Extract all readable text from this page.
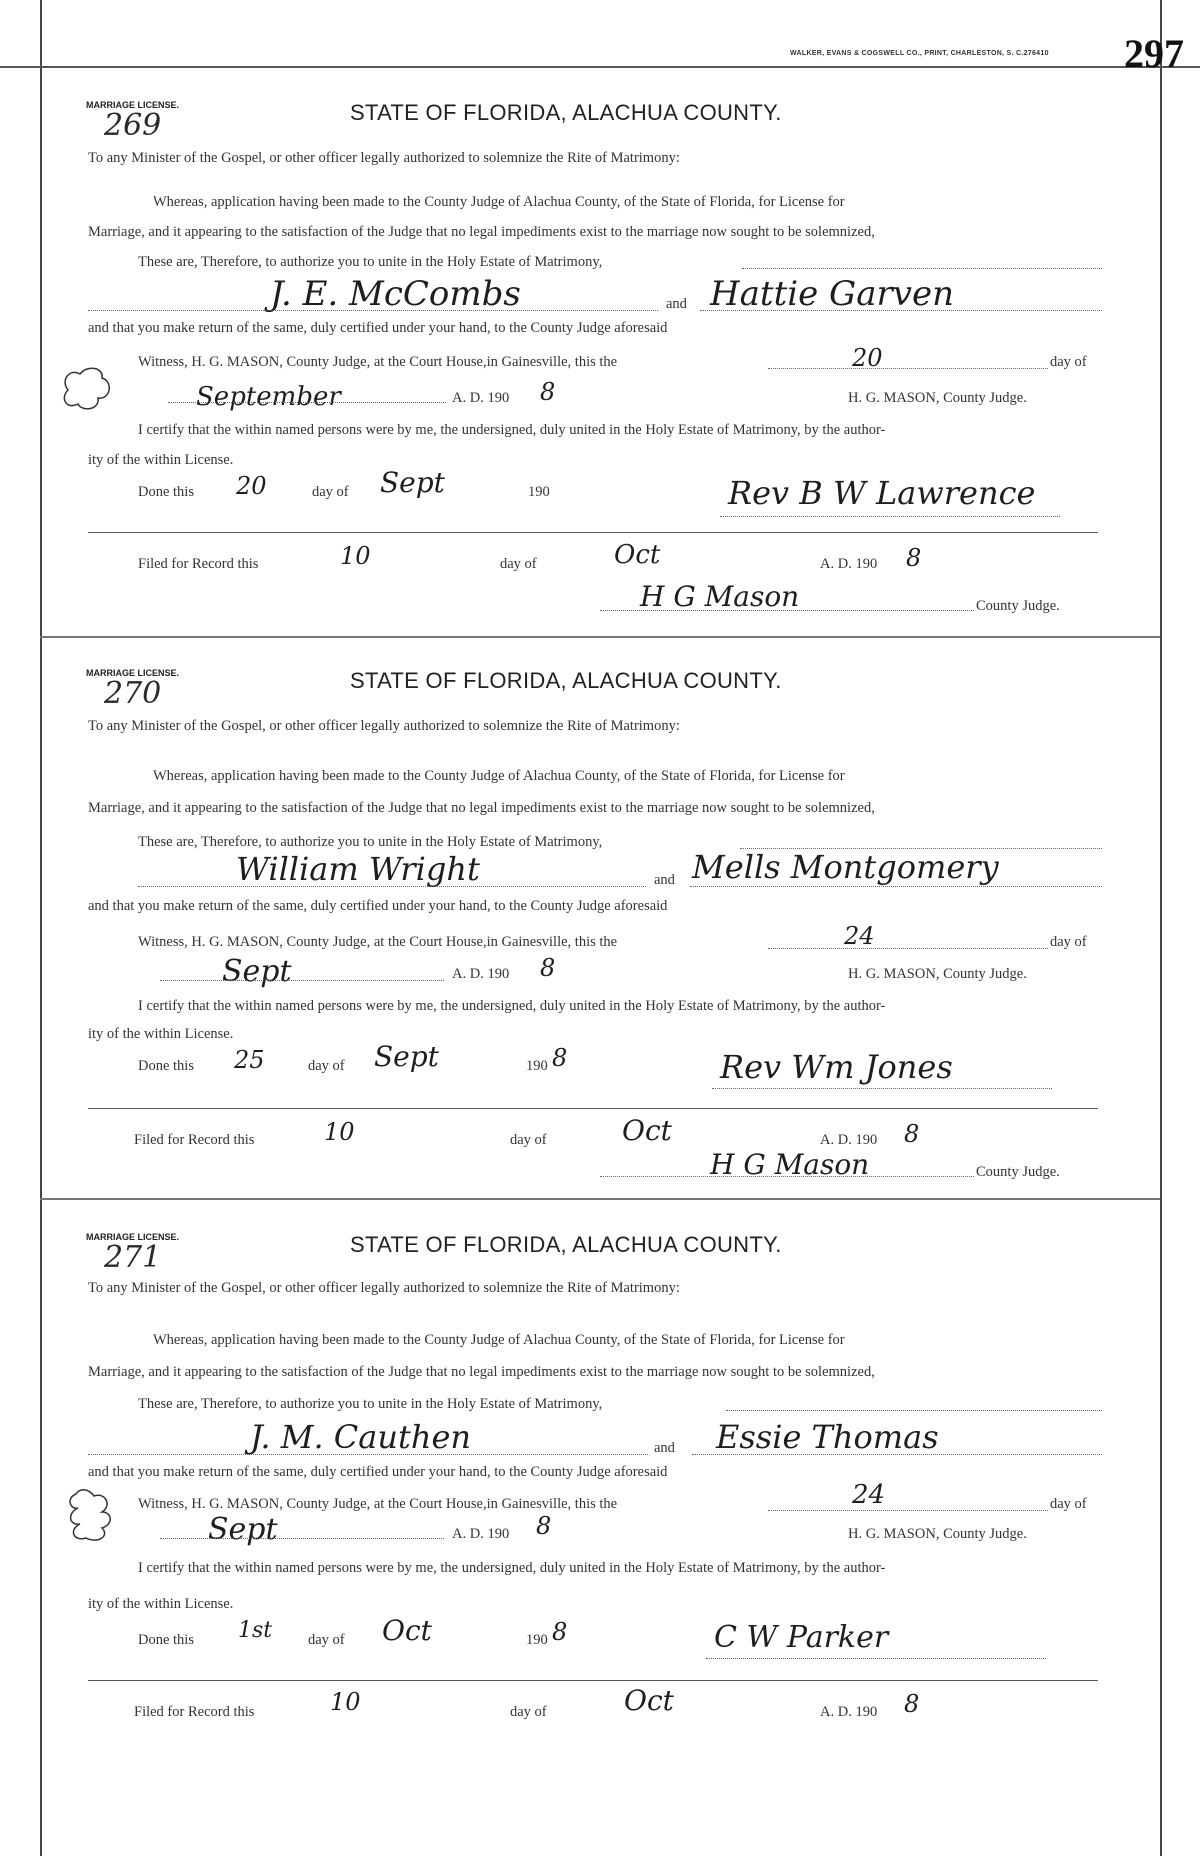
WALKER, EVANS & COGSWELL CO., PRINT, CHARLESTON, S. C.276410 297
MARRIAGE LICENSE.
269	STATE OF FLORIDA, ALACHUA COUNTY.
To any Minister of the Gospel, or other officer legally authorized to solemnize the Rite of Matrimony:
Whereas, application having been made to the County Judge of Alachua County, of the State of Florida, for License for
Marriage, and it appearing to the satisfaction of the Judge that no legal impediments exist to the marriage now sought to be solemnized,
These are, Therefore, to authorize you to unite in the Holy Estate of Matrimony,
J. E. McCombs	and Hattie Garven
and that you make return of the same, duly certified under your hand, to the County Judge aforesaid
Witness, H. G. MASON, County Judge, at the Court House,in Gainesville, this the	20	day of
September	A. D. 190 8	H. G. MASON, County Judge.
I certify that the within named persons were by me, the undersigned, duly united in the Holy Estate of Matrimony, by the author-
ity of the within License.
Done this 20	day of Sept	190	Rev B W Lawrence
Filed for Record this	10	day of	Oct	A. D. 190 8
H G Mason	County Judge.
MARRIAGE LICENSE.
270	STATE OF FLORIDA, ALACHUA COUNTY.
To any Minister of the Gospel, or other officer legally authorized to solemnize the Rite of Matrimony:
Whereas, application having been made to the County Judge of Alachua County, of the State of Florida, for License for
Marriage, and it appearing to the satisfaction of the Judge that no legal impediments exist to the marriage now sought to be solemnized,
These are, Therefore, to authorize you to unite in the Holy Estate of Matrimony,
William Wright	and Mells Montgomery
and that you make return of the same, duly certified under your hand, to the County Judge aforesaid
Witness, H. G. MASON, County Judge, at the Court House,in Gainesville, this the	24	day of
Sept	A. D. 190 8	H. G. MASON, County Judge.
I certify that the within named persons were by me, the undersigned, duly united in the Holy Estate of Matrimony, by the author-
ity of the within License.
Done this 25	day of Sept	190 8	Rev Wm Jones
Filed for Record this	10	day of	Oct	A. D. 190 8
H G Mason	County Judge.
MARRIAGE LICENSE.
271	STATE OF FLORIDA, ALACHUA COUNTY.
To any Minister of the Gospel, or other officer legally authorized to solemnize the Rite of Matrimony:
Whereas, application having been made to the County Judge of Alachua County, of the State of Florida, for License for
Marriage, and it appearing to the satisfaction of the Judge that no legal impediments exist to the marriage now sought to be solemnized,
These are, Therefore, to authorize you to unite in the Holy Estate of Matrimony,
J. M. Cauthen	and Essie Thomas
and that you make return of the same, duly certified under your hand, to the County Judge aforesaid
Witness, H. G. MASON, County Judge, at the Court House,in Gainesville, this the	24	day of
Sept	A. D. 190 8	H. G. MASON, County Judge.
I certify that the within named persons were by me, the undersigned, duly united in the Holy Estate of Matrimony, by the author-
ity of the within License.
Done this 1st day of Oct	190 8	C W Parker
Filed for Record this	10	day of	Oct	A. D. 190 8
